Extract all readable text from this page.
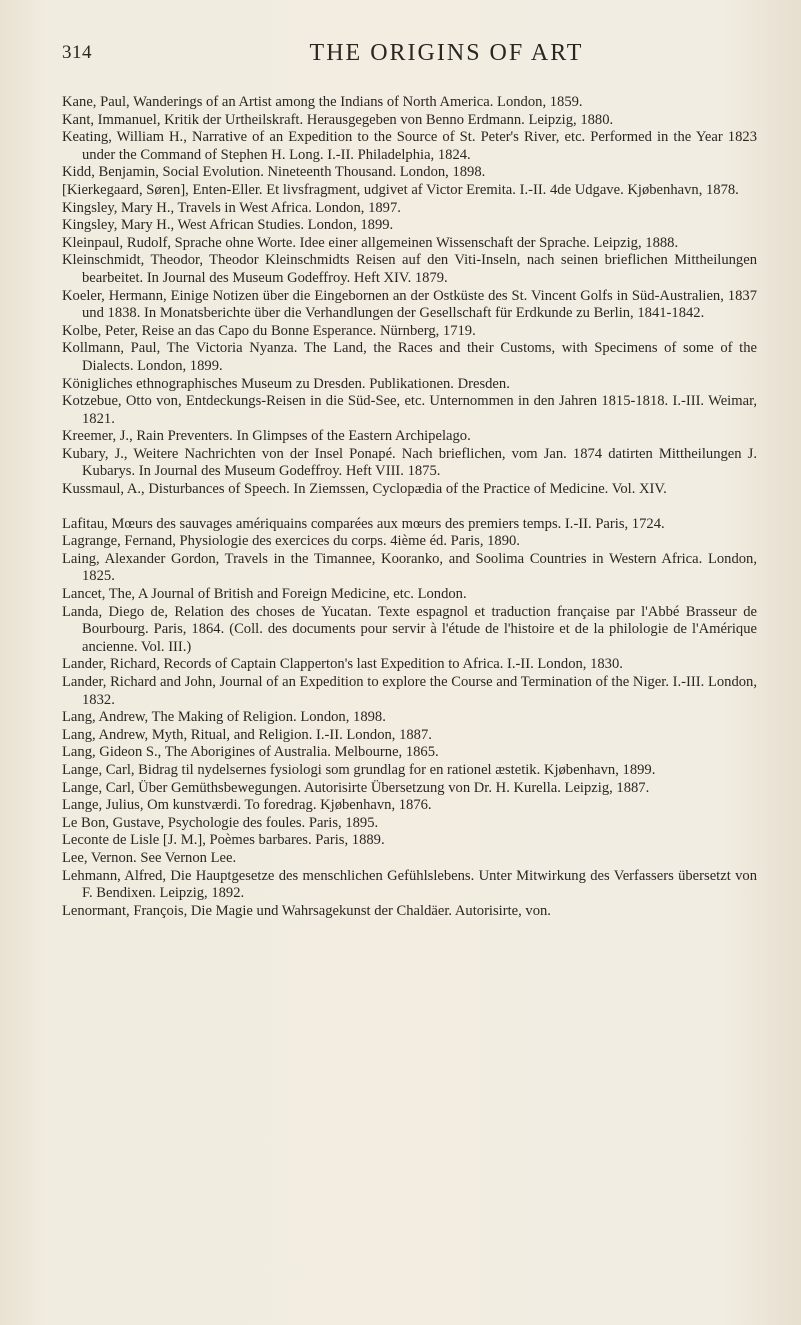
314	THE ORIGINS OF ART

Kane, Paul, Wanderings of an Artist among the Indians of North America. London, 1859.

Kant, Immanuel, Kritik der Urtheilskraft. Herausgegeben von Benno Erdmann. Leipzig, 1880.

Keating, William H., Narrative of an Expedition to the Source of St. Peter's River, etc. Performed in the Year 1823 under the Command of Stephen H. Long. I.-II. Philadelphia, 1824.

Kidd, Benjamin, Social Evolution. Nineteenth Thousand. London, 1898.

[Kierkegaard, Søren], Enten-Eller. Et livsfragment, udgivet af Victor Eremita. I.-II. 4de Udgave. Kjøbenhavn, 1878.

Kingsley, Mary H., Travels in West Africa. London, 1897.

Kingsley, Mary H., West African Studies. London, 1899.

Kleinpaul, Rudolf, Sprache ohne Worte. Idee einer allgemeinen Wissenschaft der Sprache. Leipzig, 1888.

Kleinschmidt, Theodor, Theodor Kleinschmidts Reisen auf den Viti-Inseln, nach seinen brieflichen Mittheilungen bearbeitet. In Journal des Museum Godeffroy. Heft XIV. 1879.

Koeler, Hermann, Einige Notizen über die Eingebornen an der Ostküste des St. Vincent Golfs in Süd-Australien, 1837 und 1838. In Monatsberichte über die Verhandlungen der Gesellschaft für Erdkunde zu Berlin, 1841-1842.

Kolbe, Peter, Reise an das Capo du Bonne Esperance. Nürnberg, 1719.

Kollmann, Paul, The Victoria Nyanza. The Land, the Races and their Customs, with Specimens of some of the Dialects. London, 1899.

Königliches ethnographisches Museum zu Dresden. Publikationen. Dresden.

Kotzebue, Otto von, Entdeckungs-Reisen in die Süd-See, etc. Unternommen in den Jahren 1815-1818. I.-III. Weimar, 1821.

Kreemer, J., Rain Preventers. In Glimpses of the Eastern Archipelago.

Kubary, J., Weitere Nachrichten von der Insel Ponapé. Nach brieflichen, vom Jan. 1874 datirten Mittheilungen J. Kubarys. In Journal des Museum Godeffroy. Heft VIII. 1875.

Kussmaul, A., Disturbances of Speech. In Ziemssen, Cyclopædia of the Practice of Medicine. Vol. XIV.

Lafitau, Mœurs des sauvages amériquains comparées aux mœurs des premiers temps. I.-II. Paris, 1724.

Lagrange, Fernand, Physiologie des exercices du corps. 4ième éd. Paris, 1890.

Laing, Alexander Gordon, Travels in the Timannee, Kooranko, and Soolima Countries in Western Africa. London, 1825.

Lancet, The, A Journal of British and Foreign Medicine, etc. London.

Landa, Diego de, Relation des choses de Yucatan. Texte espagnol et traduction française par l'Abbé Brasseur de Bourbourg. Paris, 1864. (Coll. des documents pour servir à l'étude de l'histoire et de la philologie de l'Amérique ancienne. Vol. III.)

Lander, Richard, Records of Captain Clapperton's last Expedition to Africa. I.-II. London, 1830.

Lander, Richard and John, Journal of an Expedition to explore the Course and Termination of the Niger. I.-III. London, 1832.

Lang, Andrew, The Making of Religion. London, 1898.

Lang, Andrew, Myth, Ritual, and Religion. I.-II. London, 1887.

Lang, Gideon S., The Aborigines of Australia. Melbourne, 1865.

Lange, Carl, Bidrag til nydelsernes fysiologi som grundlag for en rationel æstetik. Kjøbenhavn, 1899.

Lange, Carl, Über Gemüthsbewegungen. Autorisirte Übersetzung von Dr. H. Kurella. Leipzig, 1887.

Lange, Julius, Om kunstværdi. To foredrag. Kjøbenhavn, 1876.

Le Bon, Gustave, Psychologie des foules. Paris, 1895.

Leconte de Lisle [J. M.], Poèmes barbares. Paris, 1889.

Lee, Vernon. See Vernon Lee.

Lehmann, Alfred, Die Hauptgesetze des menschlichen Gefühlslebens. Unter Mitwirkung des Verfassers übersetzt von F. Bendixen. Leipzig, 1892.

Lenormant, François, Die Magie und Wahrsagekunst der Chaldäer. Autorisirte, von.
